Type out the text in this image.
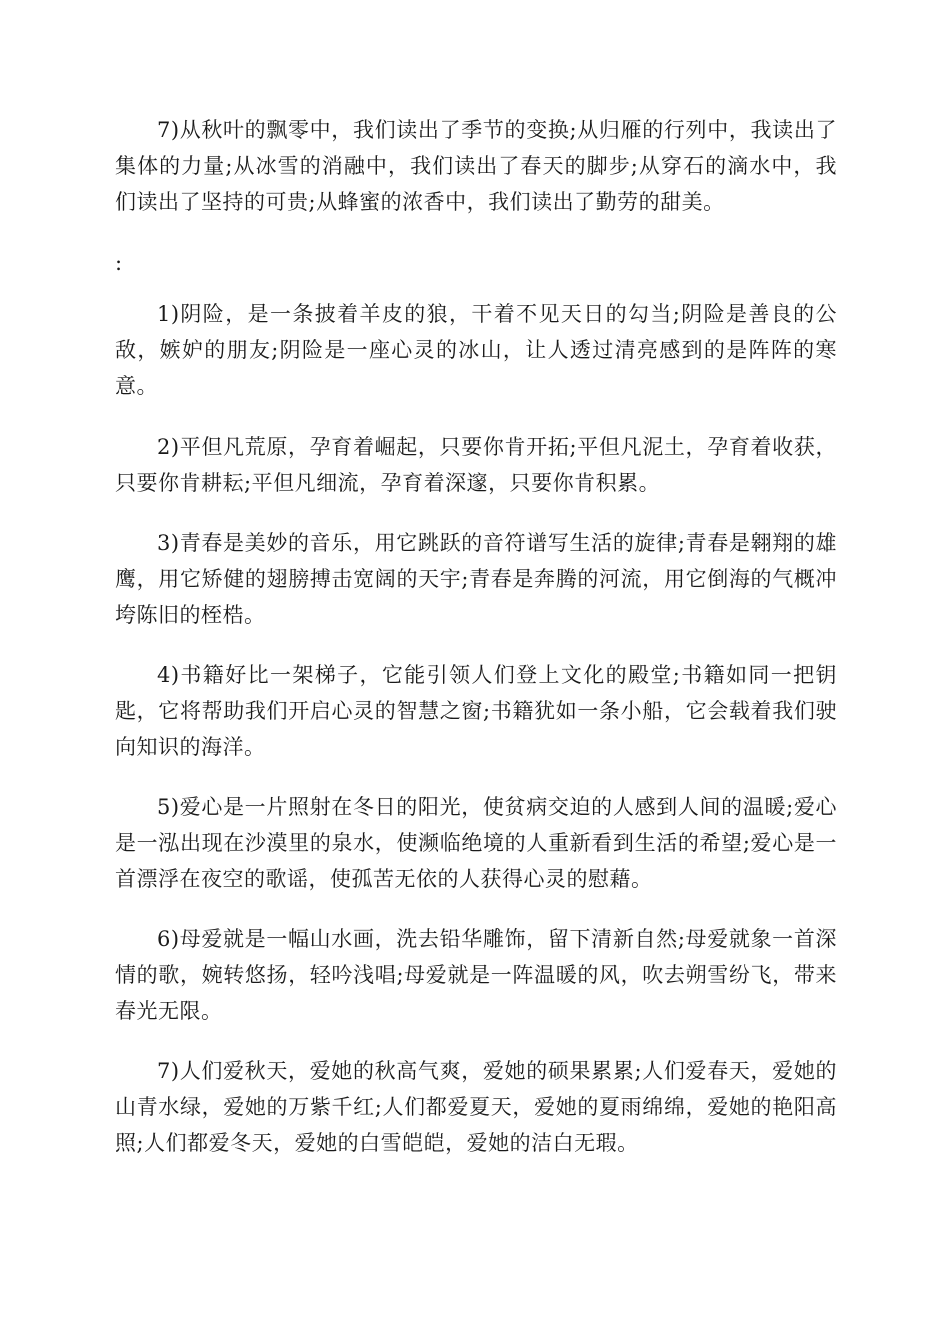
7)从秋叶的飘零中，我们读出了季节的变换;从归雁的行列中，我读出了集体的力量;从冰雪的消融中，我们读出了春天的脚步;从穿石的滴水中，我们读出了坚持的可贵;从蜂蜜的浓香中，我们读出了勤劳的甜美。

:

1)阴险，是一条披着羊皮的狼，干着不见天日的勾当;阴险是善良的公敌，嫉妒的朋友;阴险是一座心灵的冰山，让人透过清亮感到的是阵阵的寒意。

2)平但凡荒原，孕育着崛起，只要你肯开拓;平但凡泥土，孕育着收获，只要你肯耕耘;平但凡细流，孕育着深邃，只要你肯积累。

3)青春是美妙的音乐，用它跳跃的音符谱写生活的旋律;青春是翱翔的雄鹰，用它矫健的翅膀搏击宽阔的天宇;青春是奔腾的河流，用它倒海的气概冲垮陈旧的桎梏。

4)书籍好比一架梯子，它能引领人们登上文化的殿堂;书籍如同一把钥匙，它将帮助我们开启心灵的智慧之窗;书籍犹如一条小船，它会载着我们驶向知识的海洋。

5)爱心是一片照射在冬日的阳光，使贫病交迫的人感到人间的温暖;爱心是一泓出现在沙漠里的泉水，使濒临绝境的人重新看到生活的希望;爱心是一首漂浮在夜空的歌谣，使孤苦无依的人获得心灵的慰藉。

6)母爱就是一幅山水画，洗去铅华雕饰，留下清新自然;母爱就象一首深情的歌，婉转悠扬，轻吟浅唱;母爱就是一阵温暖的风，吹去朔雪纷飞，带来春光无限。

7)人们爱秋天，爱她的秋高气爽，爱她的硕果累累;人们爱春天，爱她的山青水绿，爱她的万紫千红;人们都爱夏天，爱她的夏雨绵绵，爱她的艳阳高照;人们都爱冬天，爱她的白雪皑皑，爱她的洁白无瑕。
